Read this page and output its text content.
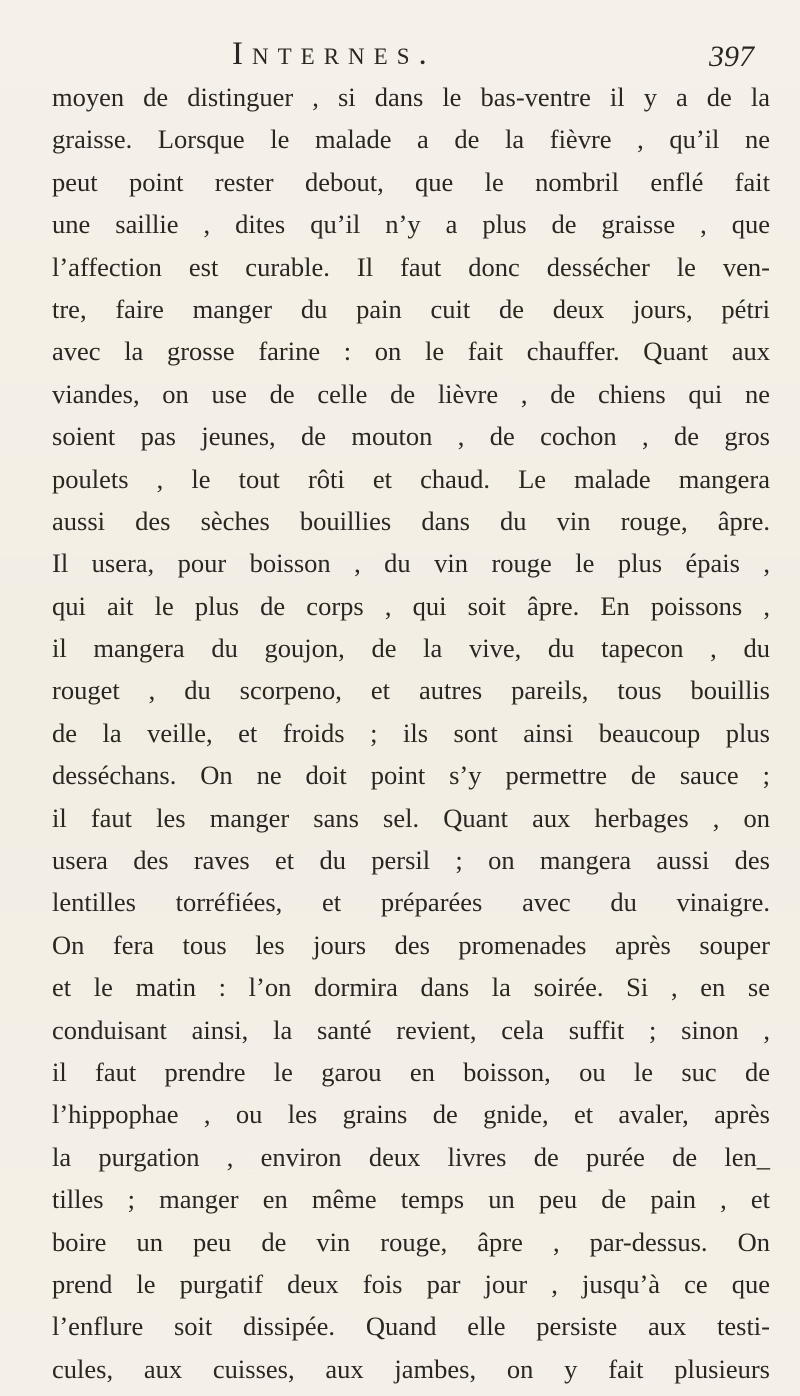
Internes.	397
moyen de distinguer , si dans le bas-ventre il y a de la
graisse. Lorsque le malade a de la fièvre , qu’il ne
peut point rester debout, que le nombril enflé fait
une saillie , dites qu’il n’y a plus de graisse , que
l’affection est curable. Il faut donc dessécher le ven-
tre, faire manger du pain cuit de deux jours, pétri
avec la grosse farine : on le fait chauffer. Quant aux
viandes, on use de celle de lièvre , de chiens qui ne
soient pas jeunes, de mouton , de cochon , de gros
poulets , le tout rôti et chaud. Le malade mangera
aussi des sèches bouillies dans du vin rouge, âpre.
Il usera, pour boisson , du vin rouge le plus épais ,
qui ait le plus de corps , qui soit âpre. En poissons ,
il mangera du goujon, de la vive, du tapecon , du
rouget , du scorpeno, et autres pareils, tous bouillis
de la veille, et froids ; ils sont ainsi beaucoup plus
desséchans. On ne doit point s’y permettre de sauce ;
il faut les manger sans sel. Quant aux herbages , on
usera des raves et du persil ; on mangera aussi des
lentilles torréfiées, et préparées avec du vinaigre.
On fera tous les jours des promenades après souper
et le matin : l’on dormira dans la soirée. Si , en se
conduisant ainsi, la santé revient, cela suffit ; sinon ,
il faut prendre le garou en boisson, ou le suc de
l’hippophae , ou les grains de gnide, et avaler, après
la purgation , environ deux livres de purée de len_
tilles ; manger en même temps un peu de pain , et
boire un peu de vin rouge, âpre , par-dessus. On
prend le purgatif deux fois par jour , jusqu’à ce que
l’enflure soit dissipée. Quand elle persiste aux testi-
cules, aux cuisses, aux jambes, on y fait plusieurs
